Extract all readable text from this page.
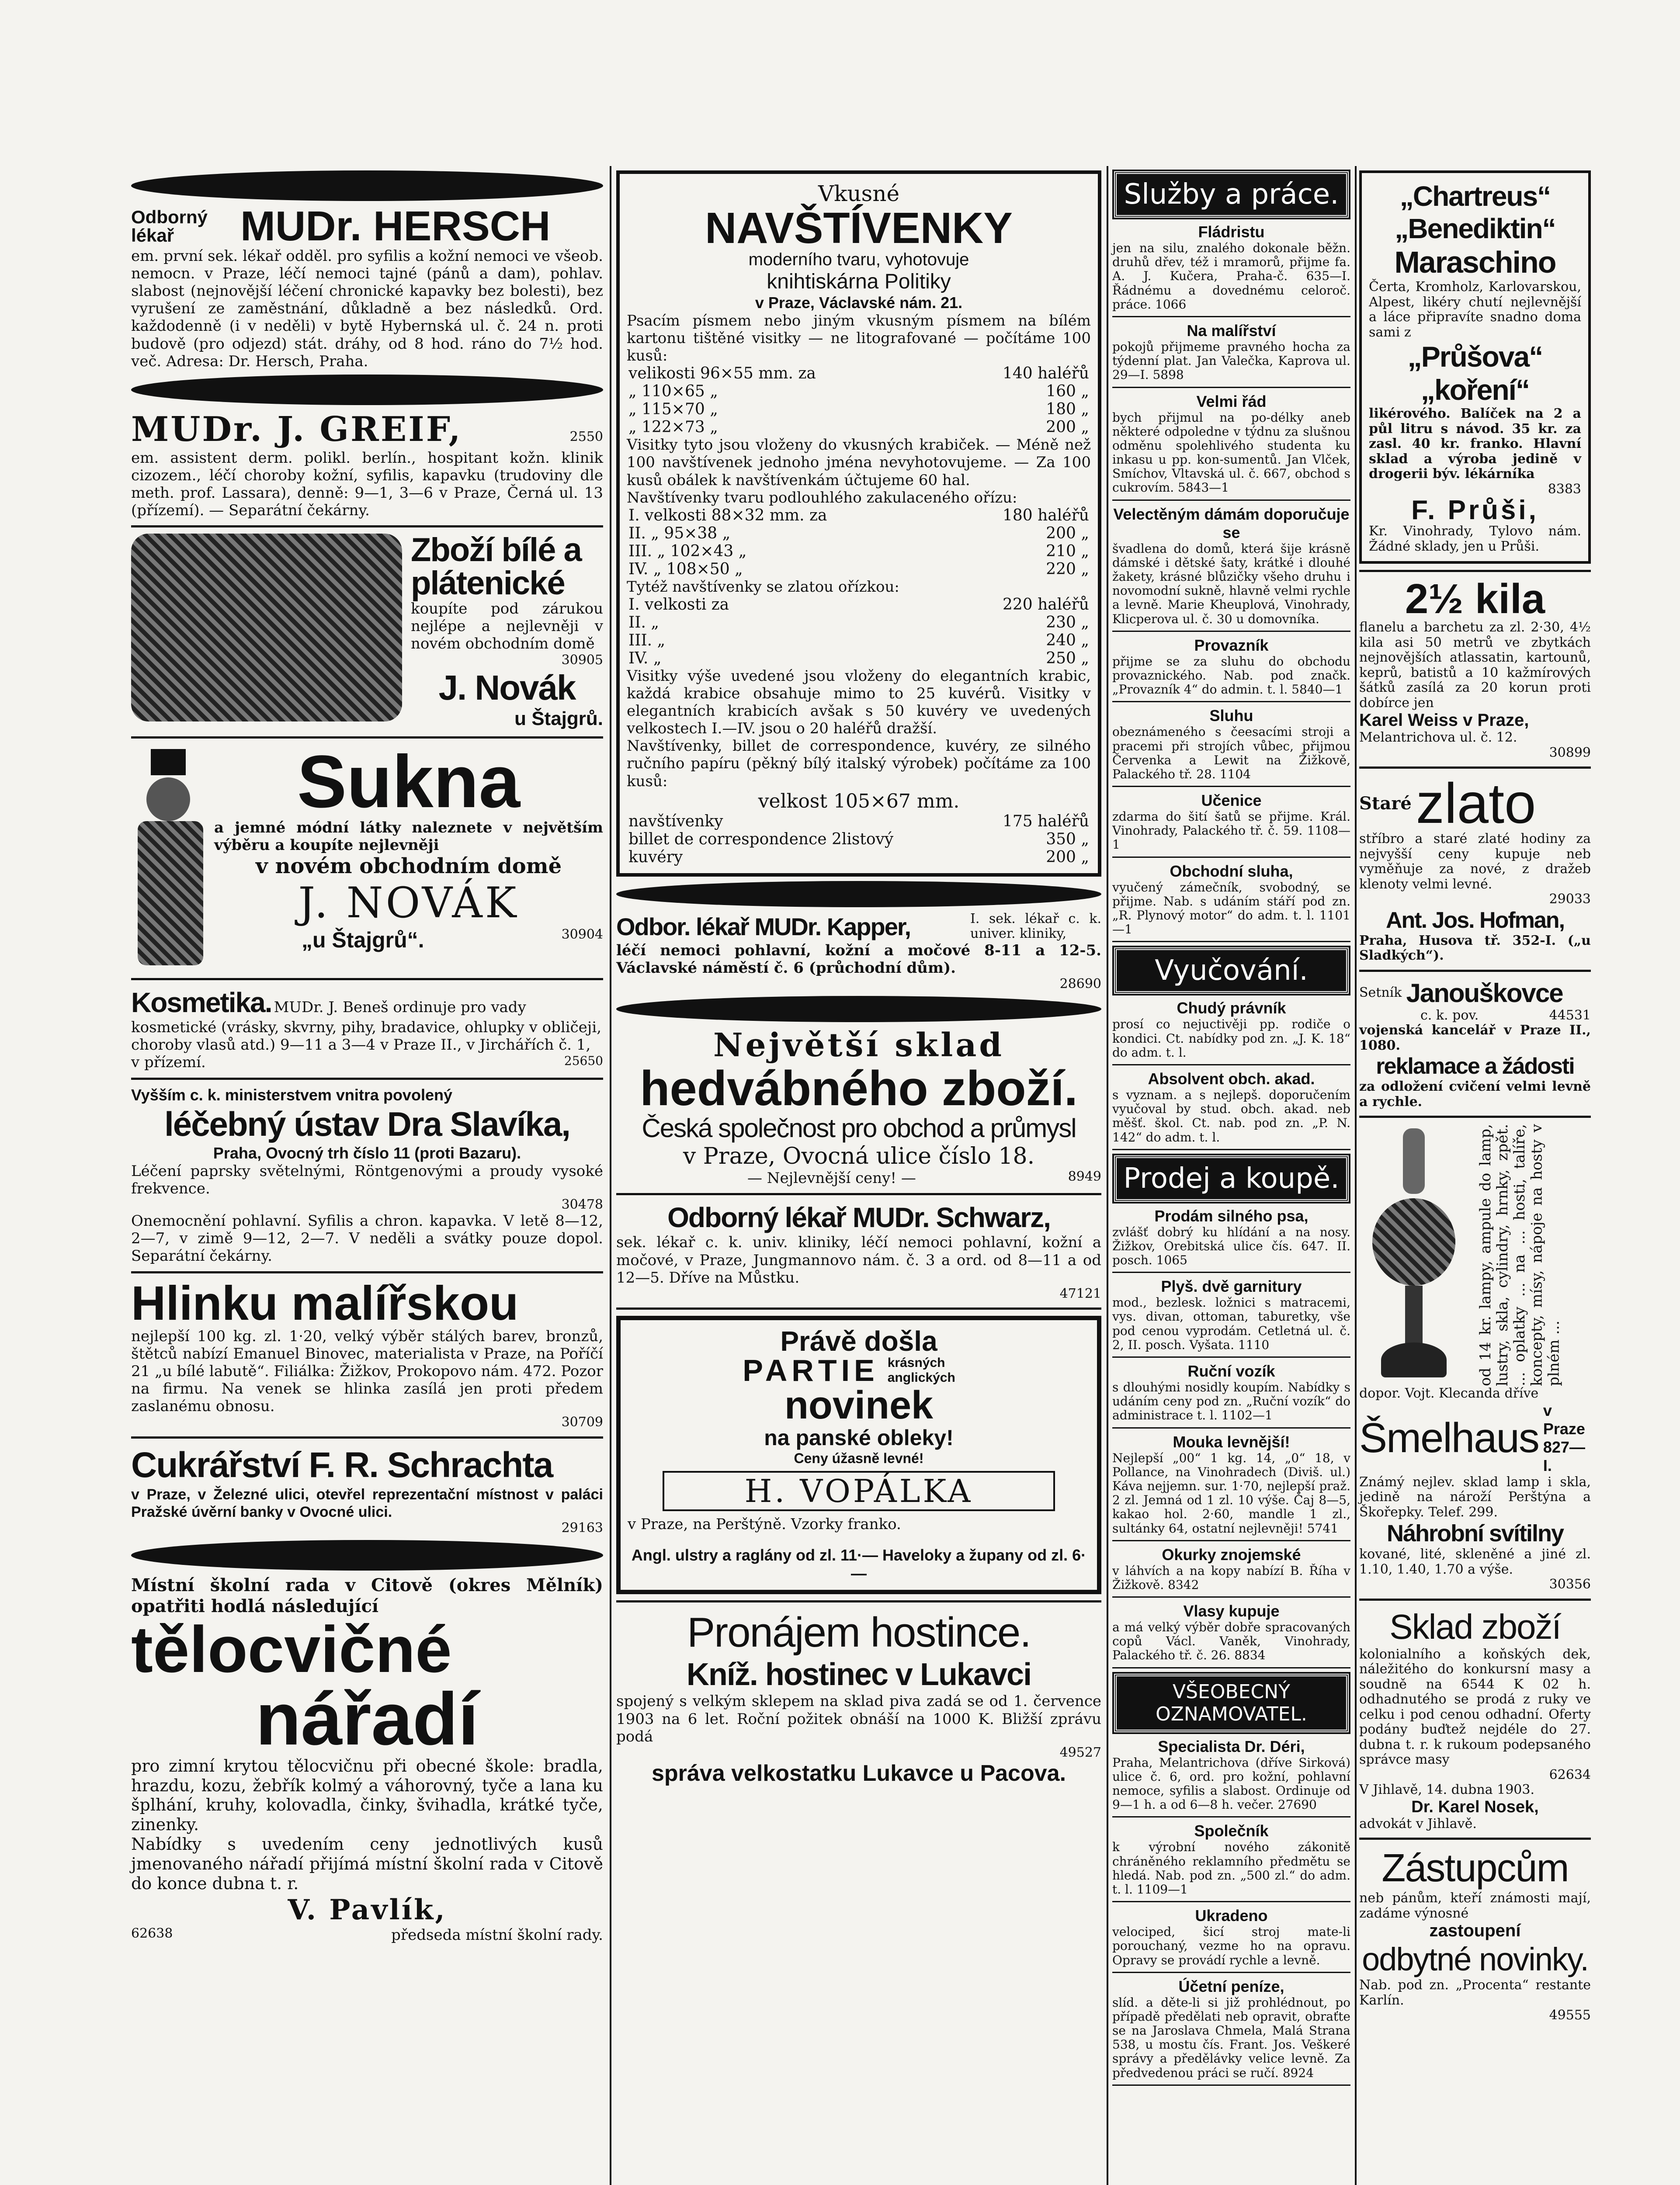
Odborný lékař	MUDr. HERSCH
em. první sek. lékař odděl. pro syfilis a kožní nemoci ve všeob. nemocn. v Praze, léčí nemoci tajné (pánů a dam), pohlav. slabost (nejnovější léčení chronické kapavky bez bolesti), bez vyrušení ze zaměstnání, důkladně a bez následků. Ord. každodenně (i v neděli) v bytě Hybernská ul. č. 24 n. proti budově (pro odjezd) stát. dráhy, od 8 hod. ráno do 7½ hod. več. Adresa: Dr. Hersch, Praha.
MUDr. J. GREIF,	2550
em. assistent derm. polikl. berlín., hospitant kožn. klinik cizozem., léčí choroby kožní, syfilis, kapavku (trudoviny dle meth. prof. Lassara), denně: 9—1, 3—6 v Praze, Černá ul. 13 (přízemí). — Separátní čekárny.
Zboží bílé a plátenické
koupíte pod zárukou nejlépe a nejlevněji v novém obchodním domě
30905
J. Novák
u Štajgrů.
Sukna
a jemné módní látky naleznete v největším výběru a koupíte nejlevněji
v novém obchodním domě
J. NOVÁK
„u Štajgrů“.	30904
Kosmetika. MUDr. J. Beneš ordinuje pro vady kosmetické (vrásky, skvrny, pihy, bradavice, ohlupky v obličeji, choroby vlasů atd.) 9—11 a 3—4 v Praze II., v Jirchářích č. 1, v přízemí.	25650
Vyšším c. k. ministerstvem vnitra povolený
léčebný ústav Dra Slavíka,
Praha, Ovocný trh číslo 11 (proti Bazaru).
Léčení paprsky světelnými, Röntgenovými a proudy vysoké frekvence.
30478
Onemocnění pohlavní. Syfilis a chron. kapavka. V letě 8—12, 2—7, v zimě 9—12, 2—7. V neděli a svátky pouze dopol. Separátní čekárny.
Hlinku malířskou
nejlepší 100 kg. zl. 1·20, velký výběr stálých barev, bronzů, štětců nabízí Emanuel Binovec, materialista v Praze, na Poříčí 21 „u bílé labutě“. Filiálka: Žižkov, Prokopovo nám. 472. Pozor na firmu. Na venek se hlinka zasílá jen proti předem zaslanému obnosu.
30709
Cukrářství F. R. Schrachta
v Praze, v Železné ulici, otevřel reprezentační místnost v paláci Pražské úvěrní banky v Ovocné ulici.
29163
Místní školní rada v Citově (okres Mělník) opatřiti hodlá následující
tělocvičné
nářadí
pro zimní krytou tělocvičnu při obecné škole: bradla, hrazdu, kozu, žebřík kolmý a váhorovný, tyče a lana ku šplhání, kruhy, kolovadla, činky, švihadla, krátké tyče, zinenky.
Nabídky s uvedením ceny jednotlivých kusů jmenovaného nářadí přijímá místní školní rada v Citově do konce dubna t. r.
V. Pavlík,
62638	předseda místní školní rady.
Vkusné
NAVŠTÍVENKY
moderního tvaru, vyhotovuje
knihtiskárna Politiky
v Praze, Václavské nám. 21.
Psacím písmem nebo jiným vkusným písmem na bílém kartonu tištěné visitky — ne litografované — počítáme 100 kusů:
velikosti 96×55 mm. za	140 haléřů
„ 110×65 „	160 „
„ 115×70 „	180 „
„ 122×73 „	200 „
Visitky tyto jsou vloženy do vkusných krabiček. — Méně než 100 navštívenek jednoho jména nevyhotovujeme. — Za 100 kusů obálek k navštívenkám účtujeme 60 hal.
Navštívenky tvaru podlouhlého zakulaceného ořízu:
I. velkosti 88×32 mm. za	180 haléřů
II. „ 95×38 „	200 „
III. „ 102×43 „	210 „
IV. „ 108×50 „	220 „
Tytéž navštívenky se zlatou ořízkou:
I. velkosti za	220 haléřů
II. „	230 „
III. „	240 „
IV. „	250 „
Visitky výše uvedené jsou vloženy do elegantních krabic, každá krabice obsahuje mimo to 25 kuvérů. Visitky v elegantních krabicích avšak s 50 kuvéry ve uvedených velkostech I.—IV. jsou o 20 haléřů dražší.
Navštívenky, billet de correspondence, kuvéry, ze silného ručního papíru (pěkný bílý italský výrobek) počítáme za 100 kusů:
velkost 105×67 mm.
navštívenky	175 haléřů
billet de correspondence 2listový	350 „
kuvéry	200 „
Odbor. lékař MUDr. Kapper,	I. sek. lékař c. k. univer. kliniky,
léčí nemoci pohlavní, kožní a močové 8-11 a 12-5. Václavské náměstí č. 6 (průchodní dům).
28690
Největší sklad
hedvábného zboží.
Česká společnost pro obchod a průmysl
v Praze, Ovocná ulice číslo 18.
— Nejlevnější ceny! —	8949
Odborný lékař MUDr. Schwarz,
sek. lékař c. k. univ. kliniky, léčí nemoci pohlavní, kožní a močové, v Praze, Jungmannovo nám. č. 3 a ord. od 8—11 a od 12—5. Dříve na Můstku.
47121
Právě došla
PARTIE krásných anglických
novinek
na panské obleky!
Ceny úžasně levné!
H. VOPÁLKA
v Praze, na Perštýně. Vzorky franko.
Angl. ulstry a raglány od zl. 11·— Havelоky a župany od zl. 6·—
Pronájem hostince.
Kníž. hostinec v Lukavci
spojený s velkým sklepem na sklad piva zadá se od 1. července 1903 na 6 let. Roční požitek obnáší na 1000 K. Bližší zprávu podá
49527
správa velkostatku Lukavce u Pacova.
Služby a práce.
Fládristu
jen na silu, znalého dokonale běžn. druhů dřev, též i mramorů, přijme fa. A. J. Kučera, Praha-č. 635—I. Řádnému a dovednému celoroč. práce. 1066
Na malířství
pokojů přijmeme pravného hocha za týdenní plat. Jan Valečka, Kaprova ul. 29—I. 5898
Velmi řád
bych přijmul na po-délky aneb některé odpoledne v týdnu za slušnou odměnu spolehlivého studenta ku inkasu u pp. kon-sumentů. Jan Vlček, Smíchov, Vltavská ul. č. 667, obchod s cukrovím. 5843—1
Velectěným dámám doporučuje se
švadlena do domů, která šije krásně dámské i dětské šaty, krátké i dlouhé žakety, krásné blůzičky všeho druhu i novomodní sukně, hlavně velmi rychle a levně. Marie Kheuplová, Vinohrady, Klicperova ul. č. 30 u domovníka.
Provazník
přijme se za sluhu do obchodu provaznického. Nab. pod značk. „Provazník 4“ do admin. t. l. 5840—1
Sluhu
obeznámeného s čeesacími stroji a pracemi při strojích vůbec, přijmou Červenka a Lewit na Žižkově, Palackého tř. 28. 1104
Učenice
zdarma do šití šatů se přijme. Král. Vinohrady, Palackého tř. č. 59. 1108—1
Obchodní sluha,
vyučený zámečník, svobodný, se přijme. Nab. s udáním stáří pod zn. „R. Plynový motor“ do adm. t. l. 1101—1
Vyučování.
Chudý právník
prosí co nejuctivěji pp. rodiče o kondici. Ct. nabídky pod zn. „J. K. 18“ do adm. t. l.
Absolvent obch. akad.
s vyznam. a s nejlepš. doporučením vyučoval by stud. obch. akad. neb měšť. škol. Ct. nab. pod zn. „P. N. 142“ do adm. t. l.
Prodej a koupě.
Prodám silného psa,
zvlášť dobrý ku hlídání a na nosy. Žižkov, Orebitská ulice čís. 647. II. posch. 1065
Plyš. dvě garnitury
mod., bezlesk. ložnici s matracemi, vys. divan, ottoman, taburetky, vše pod cenou vyprodám. Cetletná ul. č. 2, II. posch. Vyšata. 1110
Ruční vozík
s dlouhými nosidly koupím. Nabídky s udáním ceny pod zn. „Ruční vozík“ do administrace t. l. 1102—1
Mouka levnější!
Nejlepší „00“ 1 kg. 14, „0“ 18, v Pollance, na Vinohradech (Diviš. ul.) Káva nejjemn. sur. 1·70, nejlepší praž. 2 zl. Jemná od 1 zl. 10 výše. Čaj 8—5, kakao hol. 2·60, mandle 1 zl., sultánky 64, ostatní nejlevněji! 5741
Okurky znojemské
v láhvích a na kopy nabízí B. Říha v Žižkově. 8342
Vlasy kupuje
a má velký výběr dobře spracovaných copů Václ. Vaněk, Vinohrady, Palackého tř. č. 26. 8834
VŠEOBECNÝ OZNAMOVATEL.
Specialista Dr. Déri,
Praha, Melantrichova (dříve Sirková) ulice č. 6, ord. pro kožní, pohlavní nemoce, syfilis a slabost. Ordinuje od 9—1 h. a od 6—8 h. večer. 27690
Společník
k výrobní nového zákonitě chráněného reklamního předmětu se hledá. Nab. pod zn. „500 zl.“ do adm. t. l. 1109—1
Ukradeno
velociped, šicí stroj mate-li porouchaný, vezme ho na opravu. Opravy se provádí rychle a levně.
Účetní peníze,
slíd. a děte-li si již prohlédnout, po případě předělati neb opravit, obraťte se na Jaroslava Chmela, Malá Strana 538, u mostu čís. Frant. Jos. Veškeré správy a předělávky velice levně. Za předvedenou práci se ručí. 8924
„Chartreus“
„Benediktin“
Maraschino
Čerta, Kromholz, Karlovarskou, Alpest, likéry chutí nejlevnější a láce připravíte snadno doma sami z
„Průšova“
„koření“
likérového. Balíček na 2 a půl litru s návod. 35 kr. za zasl. 40 kr. franko. Hlavní sklad a výroba jedině v drogerii býv. lékárníka
8383
F. Průši,
Kr. Vinohrady, Tylovo nám. Žádné sklady, jen u Průši.
2½ kila
flanelu a barchetu za zl. 2·30, 4½ kila asi 50 metrů ve zbytkách nejnovějších atlassatin, kartounů, keprů, batistů a 10 kažmírových šátků zasílá za 20 korun proti dobírce jen
Karel Weiss v Praze,
Melantrichova ul. č. 12.
30899
Staré zlato
stříbro a staré zlaté hodiny za nejvyšší ceny kupuje neb vyměňuje za nové, z dražeb klenoty velmi levné.
29033
Ant. Jos. Hofman,
Praha, Husova tř. 352-I. („u Sladkých“).
Setník Janouškovce
c. k. pov.	44531
vojenská kancelář v Praze II., 1080.
reklamace a žádosti
za odložení cvičení velmi levně a rychle.
od 14 kr. lampy, ampule do lamp, lustry, skla, cylindry, hrnky, zpět. ... oplatky ... na ... hosti, talíře, koncepty, mísy, nápoje na hosty v plném ...
dopor. Vojt. Klecanda dříve
Šmelhaus
v Praze 827—I.
Známý nejlev. sklad lamp i skla, jedině na nároží Perštýna a Škořepky. Telef. 299.
Náhrobní svítilny
kované, lité, skleněné a jiné zl. 1.10, 1.40, 1.70 a výše.
30356
Sklad zboží
kolonialního a koňských dek, náležitého do konkursní masy a soudně na 6544 K 02 h. odhadnutého se prodá z ruky ve celku i pod cenou odhadní. Oferty podány buďtež nejdéle do 27. dubna t. r. k rukoum podepsaného správce masy
62634
V Jihlavě, 14. dubna 1903.
Dr. Karel Nosek,
advokát v Jihlavě.
Zástupcům
neb pánům, kteří známosti mají, zadáme výnosné
zastoupení
odbytné novinky.
Nab. pod zn. „Procenta“ restante Karlín.
49555
